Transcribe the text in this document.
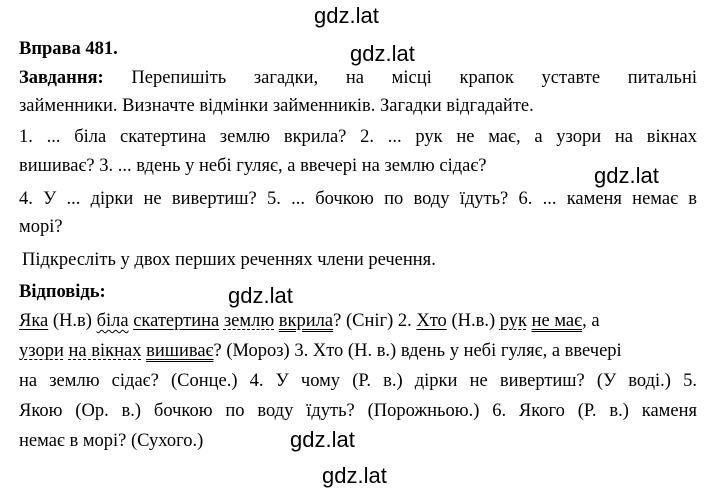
gdz.lat
gdz.lat
gdz.lat
gdz.lat
gdz.lat
gdz.lat
Вправа 481.
Завдання: Перепишіть загадки, на місці крапок уставте питальні
займенники. Визначте відмінки займенників. Загадки відгадайте.
1. ... біла скатертина землю вкрила? 2. ... рук не має, а узори на вікнах
вишиває? 3. ... вдень у небі гуляє, а ввечері на землю сідає?
4. У ... дірки не вивертиш? 5. ... бочкою по воду їдуть? 6. ... каменя немає в
морі?
Підкресліть у двох перших реченнях члени речення.
Відповідь:
Яка (Н.в) біла скатертина землю вкрила? (Сніг) 2. Хто (Н.в.) рук не має, а
узори на вікнах вишиває? (Мороз) 3. Хто (Н. в.) вдень у небі гуляє, а ввечері
на землю сідає? (Сонце.) 4. У чому (Р. в.) дірки не вивертиш? (У воді.) 5.
Якою (Ор. в.) бочкою по воду їдуть? (Порожньою.) 6. Якого (Р. в.) каменя
немає в морі? (Сухого.)
